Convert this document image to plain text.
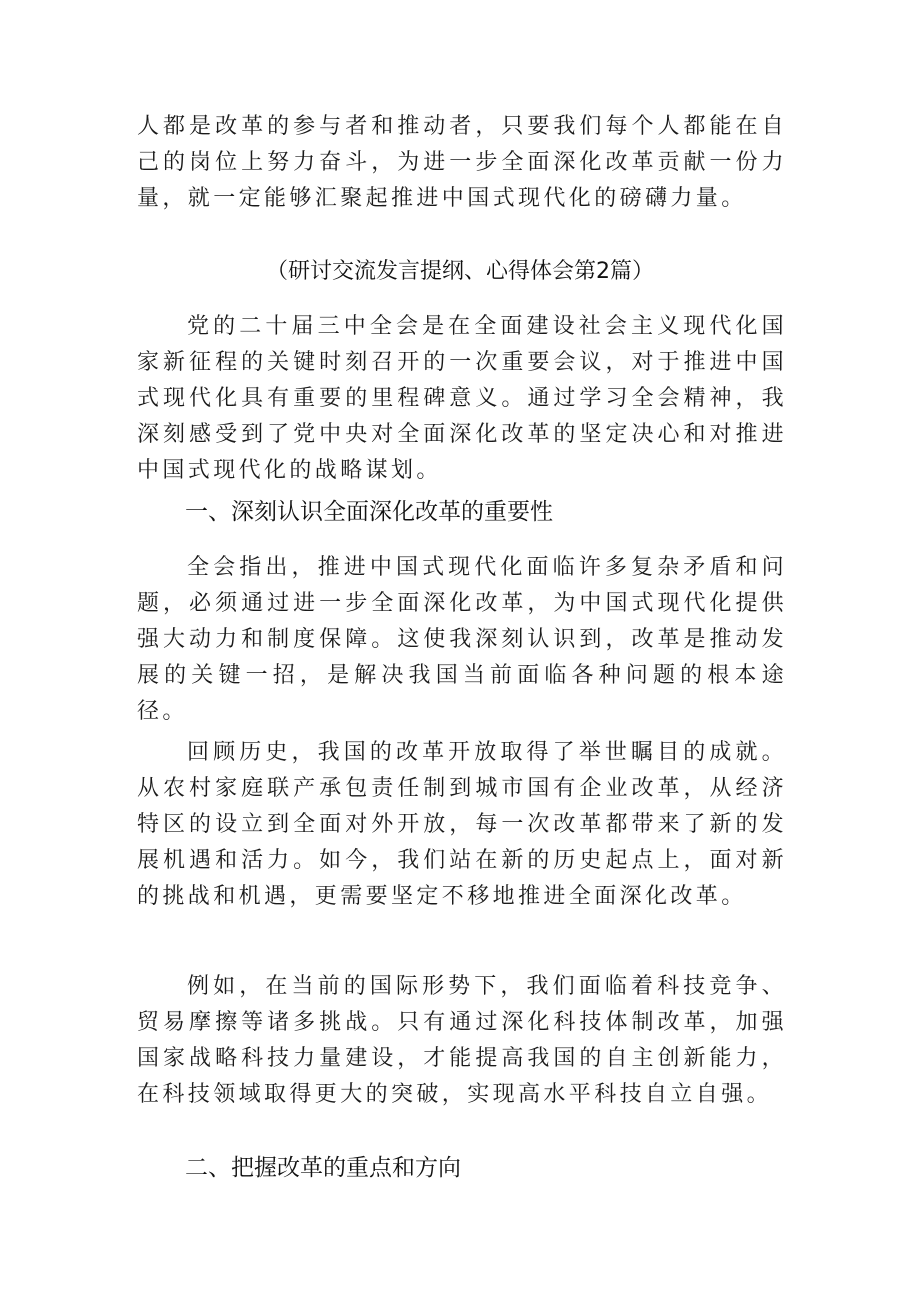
人都是改革的参与者和推动者，只要我们每个人都能在自己的岗位上努力奋斗，为进一步全面深化改革贡献一份力量，就一定能够汇聚起推进中国式现代化的磅礴力量。

（研讨交流发言提纲、心得体会第2篇）

党的二十届三中全会是在全面建设社会主义现代化国家新征程的关键时刻召开的一次重要会议，对于推进中国式现代化具有重要的里程碑意义。通过学习全会精神，我深刻感受到了党中央对全面深化改革的坚定决心和对推进中国式现代化的战略谋划。

一、深刻认识全面深化改革的重要性

全会指出，推进中国式现代化面临许多复杂矛盾和问题，必须通过进一步全面深化改革，为中国式现代化提供强大动力和制度保障。这使我深刻认识到，改革是推动发展的关键一招，是解决我国当前面临各种问题的根本途径。

回顾历史，我国的改革开放取得了举世瞩目的成就。从农村家庭联产承包责任制到城市国有企业改革，从经济特区的设立到全面对外开放，每一次改革都带来了新的发展机遇和活力。如今，我们站在新的历史起点上，面对新的挑战和机遇，更需要坚定不移地推进全面深化改革。

例如，在当前的国际形势下，我们面临着科技竞争、贸易摩擦等诸多挑战。只有通过深化科技体制改革，加强国家战略科技力量建设，才能提高我国的自主创新能力，在科技领域取得更大的突破，实现高水平科技自立自强。

二、把握改革的重点和方向
